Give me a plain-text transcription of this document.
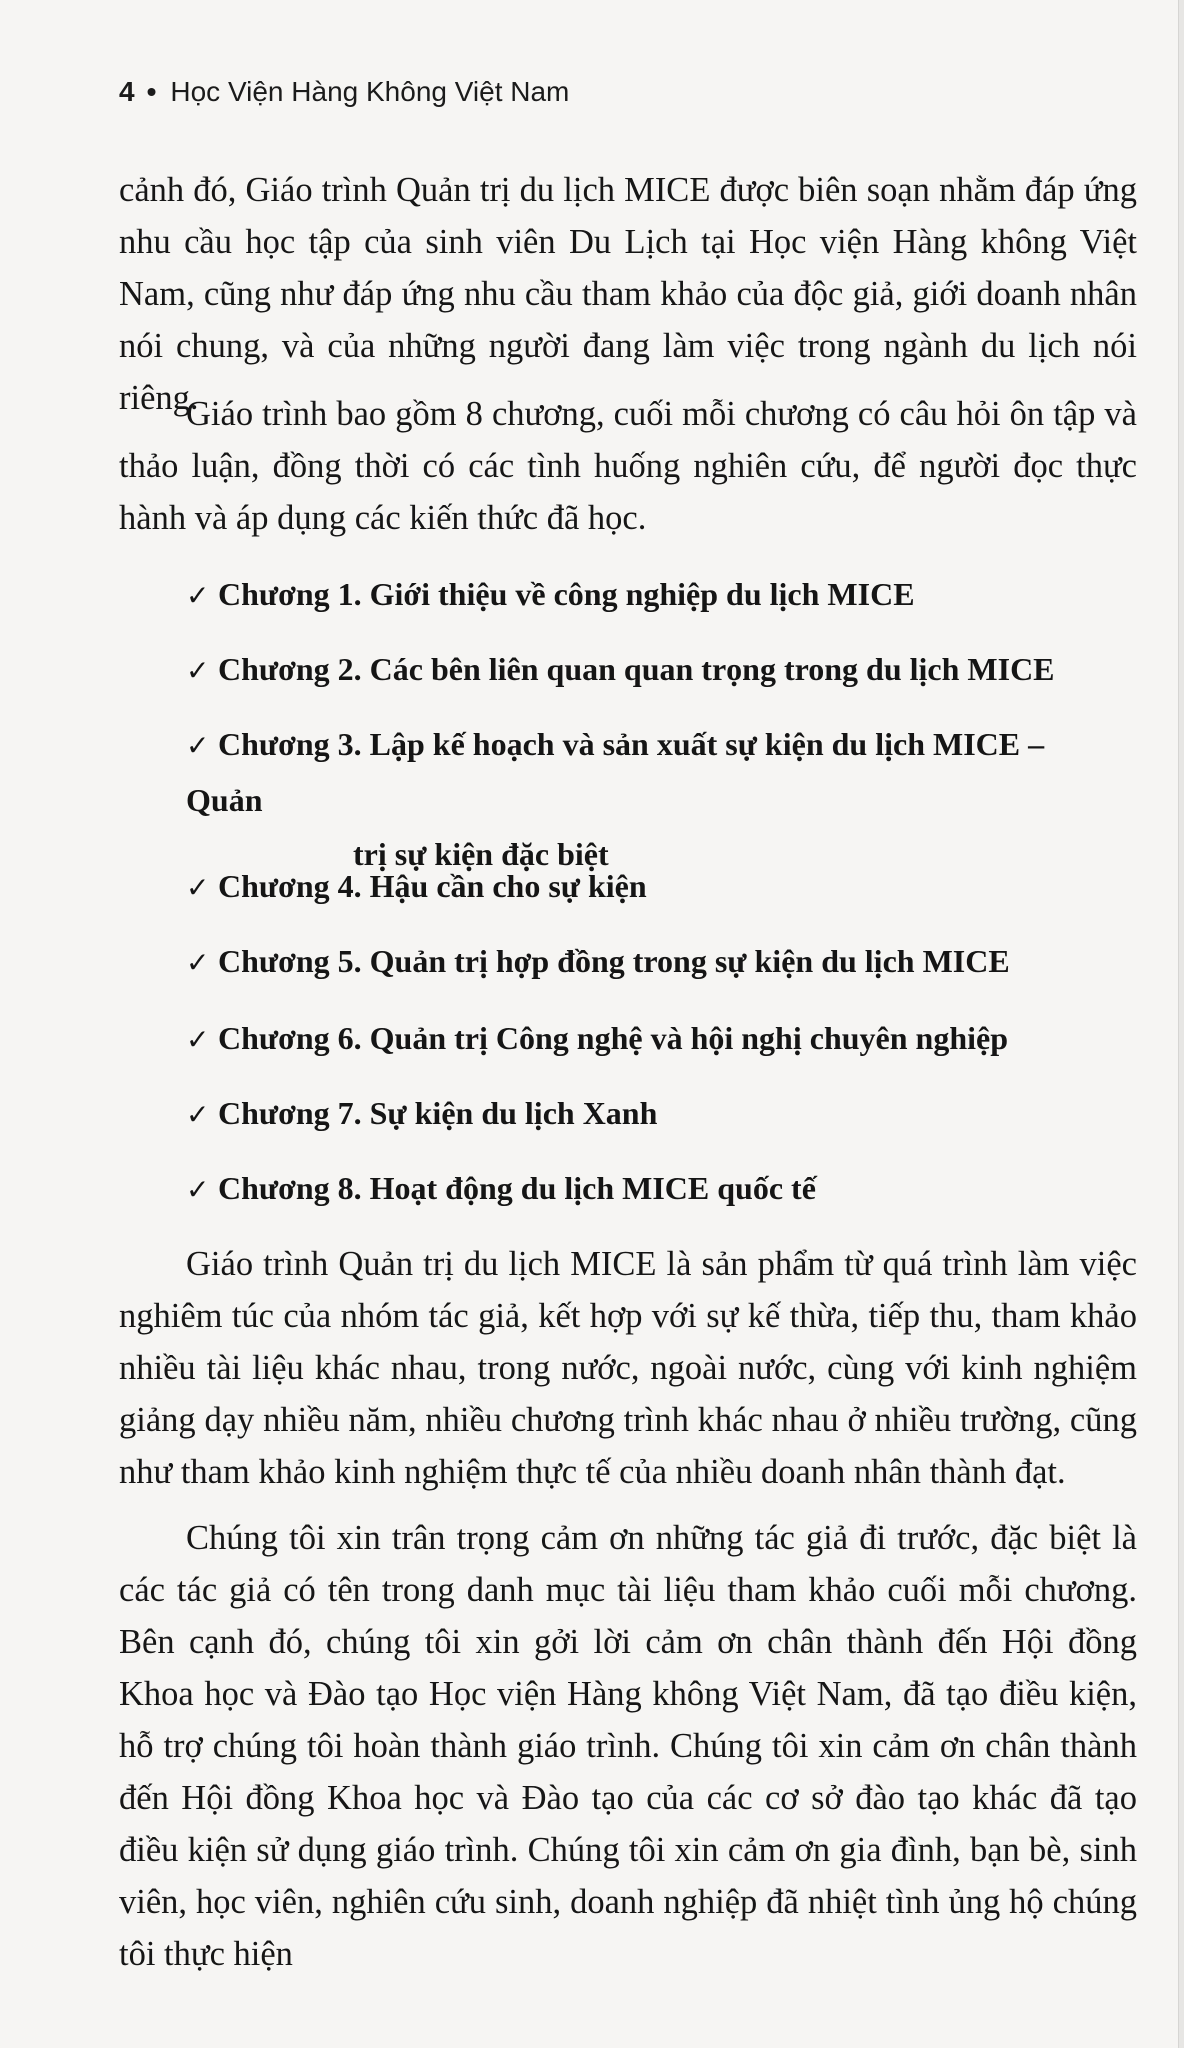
4 • Học Viện Hàng Không Việt Nam

cảnh đó, Giáo trình Quản trị du lịch MICE được biên soạn nhằm đáp ứng nhu cầu học tập của sinh viên Du Lịch tại Học viện Hàng không Việt Nam, cũng như đáp ứng nhu cầu tham khảo của độc giả, giới doanh nhân nói chung, và của những người đang làm việc trong ngành du lịch nói riêng.

Giáo trình bao gồm 8 chương, cuối mỗi chương có câu hỏi ôn tập và thảo luận, đồng thời có các tình huống nghiên cứu, để người đọc thực hành và áp dụng các kiến thức đã học.

✓ Chương 1. Giới thiệu về công nghiệp du lịch MICE
✓ Chương 2. Các bên liên quan quan trọng trong du lịch MICE
✓ Chương 3. Lập kế hoạch và sản xuất sự kiện du lịch MICE – Quản
trị sự kiện đặc biệt
✓ Chương 4. Hậu cần cho sự kiện
✓ Chương 5. Quản trị hợp đồng trong sự kiện du lịch MICE
✓ Chương 6. Quản trị Công nghệ và hội nghị chuyên nghiệp
✓ Chương 7. Sự kiện du lịch Xanh
✓ Chương 8. Hoạt động du lịch MICE quốc tế

Giáo trình Quản trị du lịch MICE là sản phẩm từ quá trình làm việc nghiêm túc của nhóm tác giả, kết hợp với sự kế thừa, tiếp thu, tham khảo nhiều tài liệu khác nhau, trong nước, ngoài nước, cùng với kinh nghiệm giảng dạy nhiều năm, nhiều chương trình khác nhau ở nhiều trường, cũng như tham khảo kinh nghiệm thực tế của nhiều doanh nhân thành đạt.

Chúng tôi xin trân trọng cảm ơn những tác giả đi trước, đặc biệt là các tác giả có tên trong danh mục tài liệu tham khảo cuối mỗi chương. Bên cạnh đó, chúng tôi xin gởi lời cảm ơn chân thành đến Hội đồng Khoa học và Đào tạo Học viện Hàng không Việt Nam, đã tạo điều kiện, hỗ trợ chúng tôi hoàn thành giáo trình. Chúng tôi xin cảm ơn chân thành đến Hội đồng Khoa học và Đào tạo của các cơ sở đào tạo khác đã tạo điều kiện sử dụng giáo trình. Chúng tôi xin cảm ơn gia đình, bạn bè, sinh viên, học viên, nghiên cứu sinh, doanh nghiệp đã nhiệt tình ủng hộ chúng tôi thực hiện
